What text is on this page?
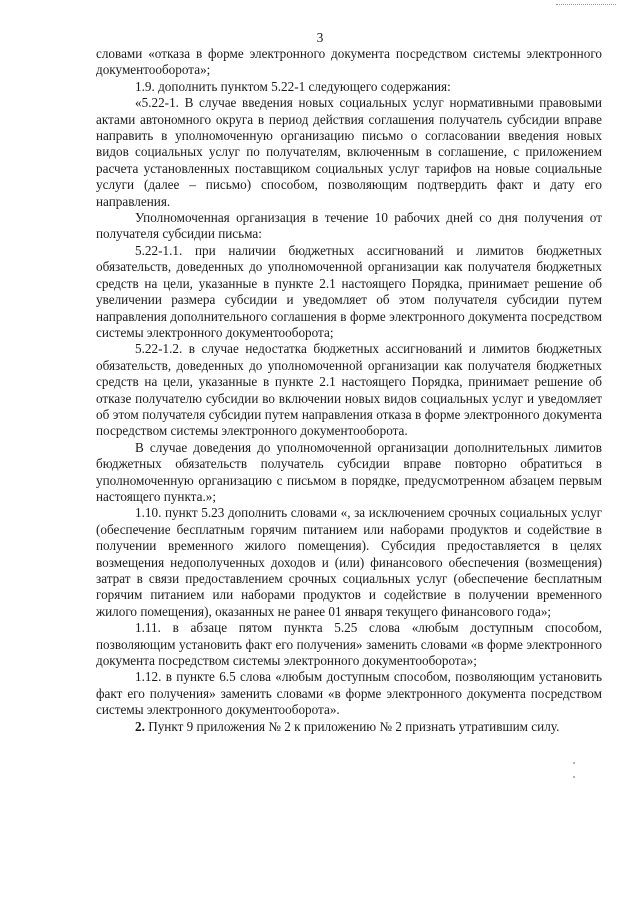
3

словами «отказа в форме электронного документа посредством системы электронного документооборота»;

1.9. дополнить пунктом 5.22-1 следующего содержания:

«5.22-1. В случае введения новых социальных услуг нормативными правовыми актами автономного округа в период действия соглашения получатель субсидии вправе направить в уполномоченную организацию письмо о согласовании введения новых видов социальных услуг по получателям, включенным в соглашение, с приложением расчета установленных поставщиком социальных услуг тарифов на новые социальные услуги (далее – письмо) способом, позволяющим подтвердить факт и дату его направления.

Уполномоченная организация в течение 10 рабочих дней со дня получения от получателя субсидии письма:

5.22-1.1. при наличии бюджетных ассигнований и лимитов бюджетных обязательств, доведенных до уполномоченной организации как получателя бюджетных средств на цели, указанные в пункте 2.1 настоящего Порядка, принимает решение об увеличении размера субсидии и уведомляет об этом получателя субсидии путем направления дополнительного соглашения в форме электронного документа посредством системы электронного документооборота;

5.22-1.2. в случае недостатка бюджетных ассигнований и лимитов бюджетных обязательств, доведенных до уполномоченной организации как получателя бюджетных средств на цели, указанные в пункте 2.1 настоящего Порядка, принимает решение об отказе получателю субсидии во включении новых видов социальных услуг и уведомляет об этом получателя субсидии путем направления отказа в форме электронного документа посредством системы электронного документооборота.

В случае доведения до уполномоченной организации дополнительных лимитов бюджетных обязательств получатель субсидии вправе повторно обратиться в уполномоченную организацию с письмом в порядке, предусмотренном абзацем первым настоящего пункта.»;

1.10. пункт 5.23 дополнить словами «, за исключением срочных социальных услуг (обеспечение бесплатным горячим питанием или наборами продуктов и содействие в получении временного жилого помещения). Субсидия предоставляется в целях возмещения недополученных доходов и (или) финансового обеспечения (возмещения) затрат в связи предоставлением срочных социальных услуг (обеспечение бесплатным горячим питанием или наборами продуктов и содействие в получении временного жилого помещения), оказанных не ранее 01 января текущего финансового года»;

1.11. в абзаце пятом пункта 5.25 слова «любым доступным способом, позволяющим установить факт его получения» заменить словами «в форме электронного документа посредством системы электронного документооборота»;

1.12. в пункте 6.5 слова «любым доступным способом, позволяющим установить факт его получения» заменить словами «в форме электронного документа посредством системы электронного документооборота».

2. Пункт 9 приложения № 2 к приложению № 2 признать утратившим силу.
